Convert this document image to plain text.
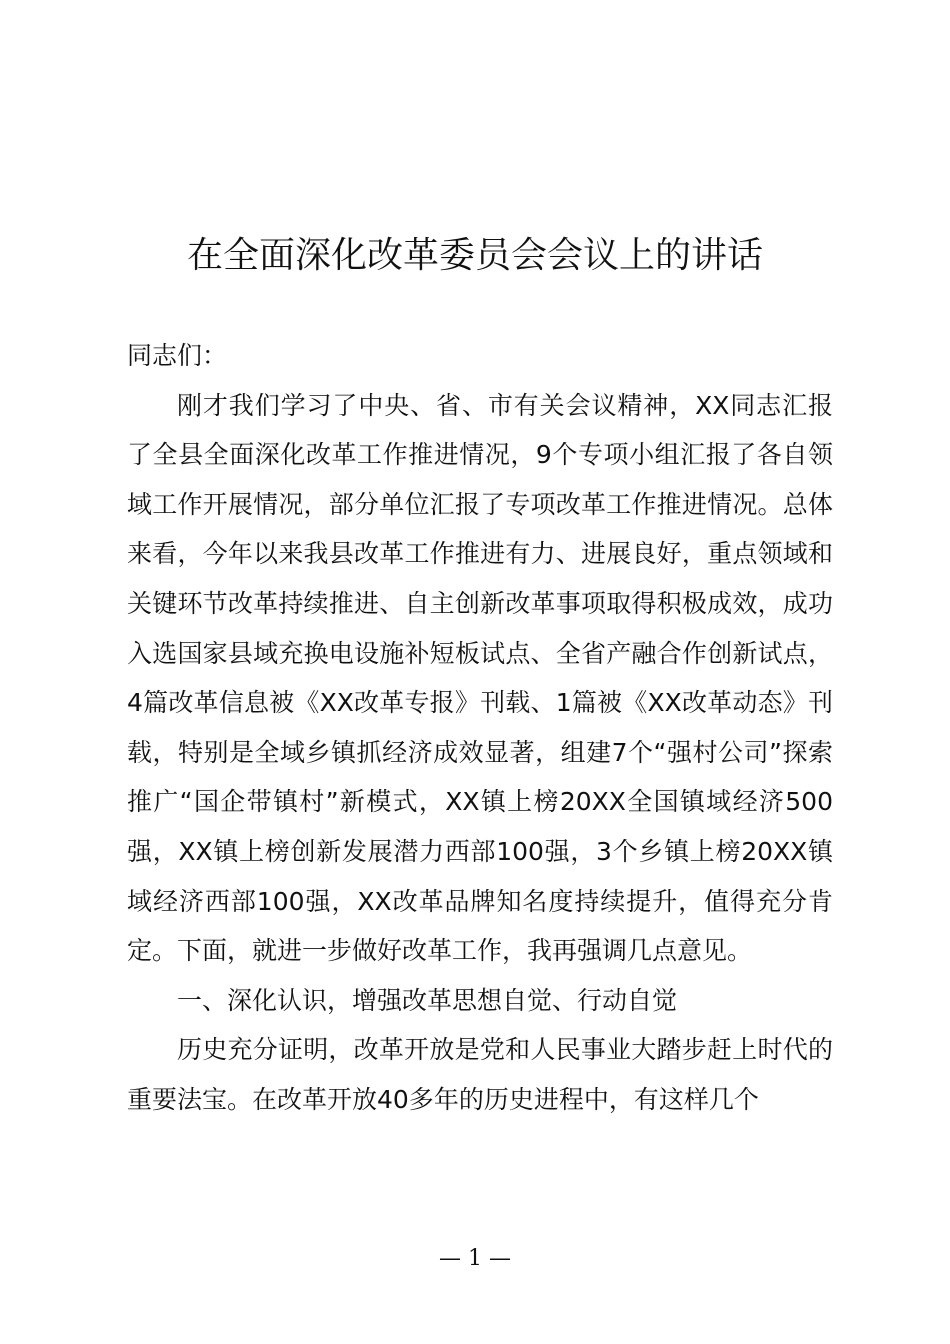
在全面深化改革委员会会议上的讲话

同志们：

刚才我们学习了中央、省、市有关会议精神，XX同志汇报了全县全面深化改革工作推进情况，9个专项小组汇报了各自领域工作开展情况，部分单位汇报了专项改革工作推进情况。总体来看，今年以来我县改革工作推进有力、进展良好，重点领域和关键环节改革持续推进、自主创新改革事项取得积极成效，成功入选国家县域充换电设施补短板试点、全省产融合作创新试点，4篇改革信息被《XX改革专报》刊载、1篇被《XX改革动态》刊载，特别是全域乡镇抓经济成效显著，组建7个“强村公司”探索推广“国企带镇村”新模式，XX镇上榜20XX全国镇域经济500强，XX镇上榜创新发展潜力西部100强，3个乡镇上榜20XX镇域经济西部100强，XX改革品牌知名度持续提升，值得充分肯定。下面，就进一步做好改革工作，我再强调几点意见。

一、深化认识，增强改革思想自觉、行动自觉

历史充分证明，改革开放是党和人民事业大踏步赶上时代的重要法宝。在改革开放40多年的历史进程中，有这样几个

— 1 —
